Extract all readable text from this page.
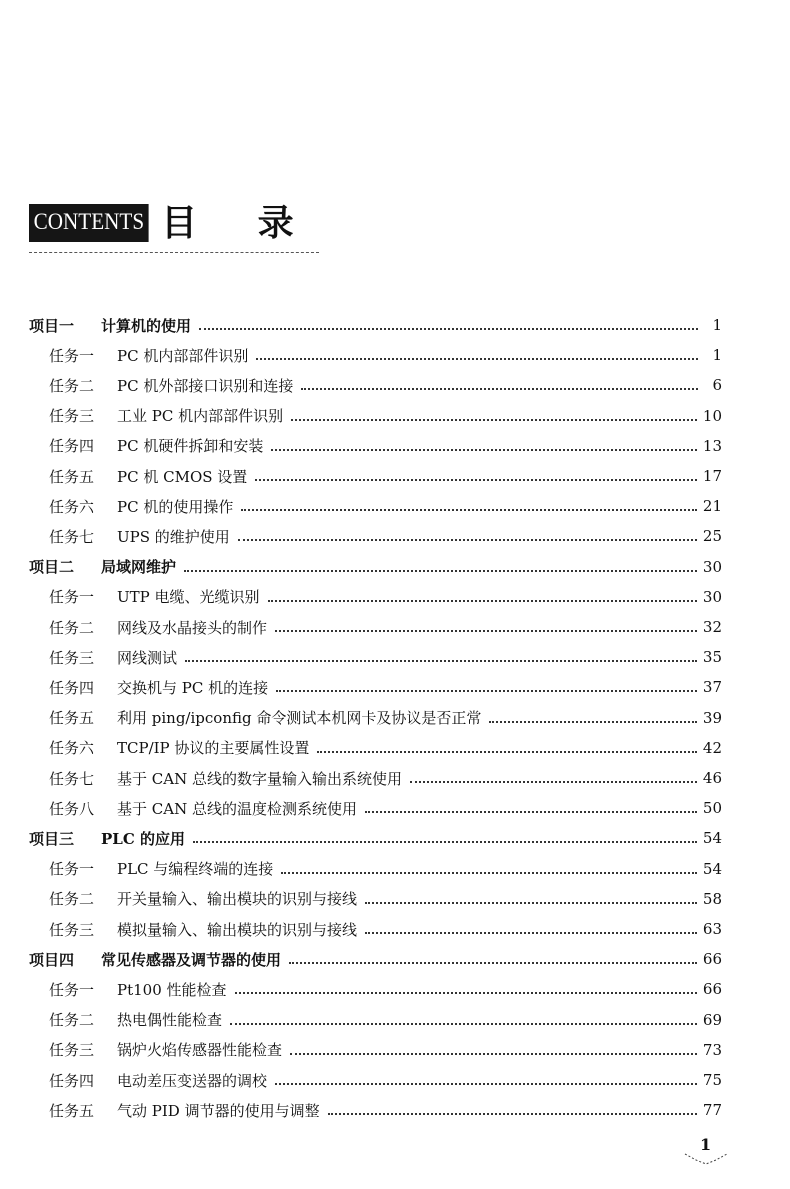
CONTENTS 目 录
项目一	计算机的使用	1
任务一	PC 机内部部件识别	1
任务二	PC 机外部接口识别和连接	6
任务三	工业 PC 机内部部件识别	10
任务四	PC 机硬件拆卸和安装	13
任务五	PC 机 CMOS 设置	17
任务六	PC 机的使用操作	21
任务七	UPS 的维护使用	25
项目二	局域网维护	30
任务一	UTP 电缆、光缆识别	30
任务二	网线及水晶接头的制作	32
任务三	网线测试	35
任务四	交换机与 PC 机的连接	37
任务五	利用 ping/ipconfig 命令测试本机网卡及协议是否正常	39
任务六	TCP/IP 协议的主要属性设置	42
任务七	基于 CAN 总线的数字量输入输出系统使用	46
任务八	基于 CAN 总线的温度检测系统使用	50
项目三	PLC 的应用	54
任务一	PLC 与编程终端的连接	54
任务二	开关量输入、输出模块的识别与接线	58
任务三	模拟量输入、输出模块的识别与接线	63
项目四	常见传感器及调节器的使用	66
任务一	Pt100 性能检查	66
任务二	热电偶性能检查	69
任务三	锅炉火焰传感器性能检查	73
任务四	电动差压变送器的调校	75
任务五	气动 PID 调节器的使用与调整	77
1
